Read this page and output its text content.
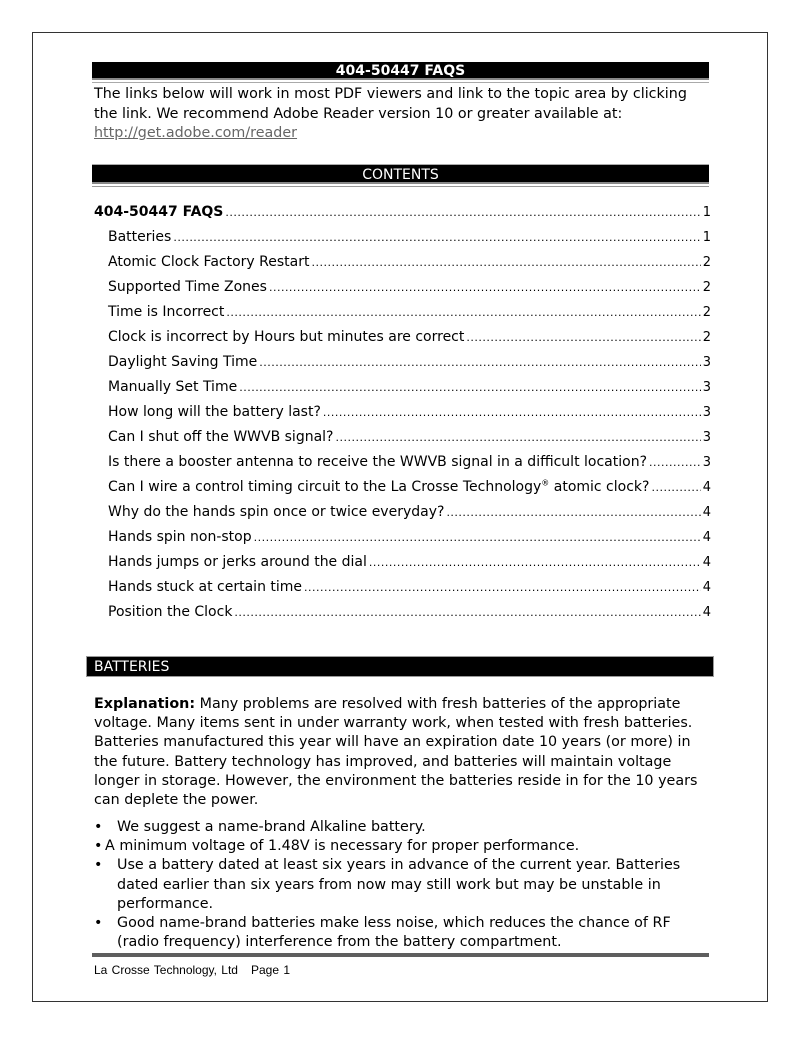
404-50447 FAQS
The links below will work in most PDF viewers and link to the topic area by clicking the link. We recommend Adobe Reader version 10 or greater available at:
http://get.adobe.com/reader
CONTENTS
404-50447 FAQS .....	1
Batteries .....	1
Atomic Clock Factory Restart .....	2
Supported Time Zones .....	2
Time is Incorrect .....	2
Clock is incorrect by Hours but minutes are correct .....	2
Daylight Saving Time .....	3
Manually Set Time .....	3
How long will the battery last? .....	3
Can I shut off the WWVB signal? .....	3
Is there a booster antenna to receive the WWVB signal in a difficult location? .....	3
Can I wire a control timing circuit to the La Crosse Technology® atomic clock? .....	4
Why do the hands spin once or twice everyday? .....	4
Hands spin non-stop .....	4
Hands jumps or jerks around the dial .....	4
Hands stuck at certain time .....	4
Position the Clock .....	4
BATTERIES
Explanation: Many problems are resolved with fresh batteries of the appropriate voltage. Many items sent in under warranty work, when tested with fresh batteries. Batteries manufactured this year will have an expiration date 10 years (or more) in the future. Battery technology has improved, and batteries will maintain voltage longer in storage. However, the environment the batteries reside in for the 10 years can deplete the power.
• We suggest a name-brand Alkaline battery.
• A minimum voltage of 1.48V is necessary for proper performance.
• Use a battery dated at least six years in advance of the current year. Batteries dated earlier than six years from now may still work but may be unstable in performance.
• Good name-brand batteries make less noise, which reduces the chance of RF (radio frequency) interference from the battery compartment.
La Crosse Technology, Ltd   Page 1
